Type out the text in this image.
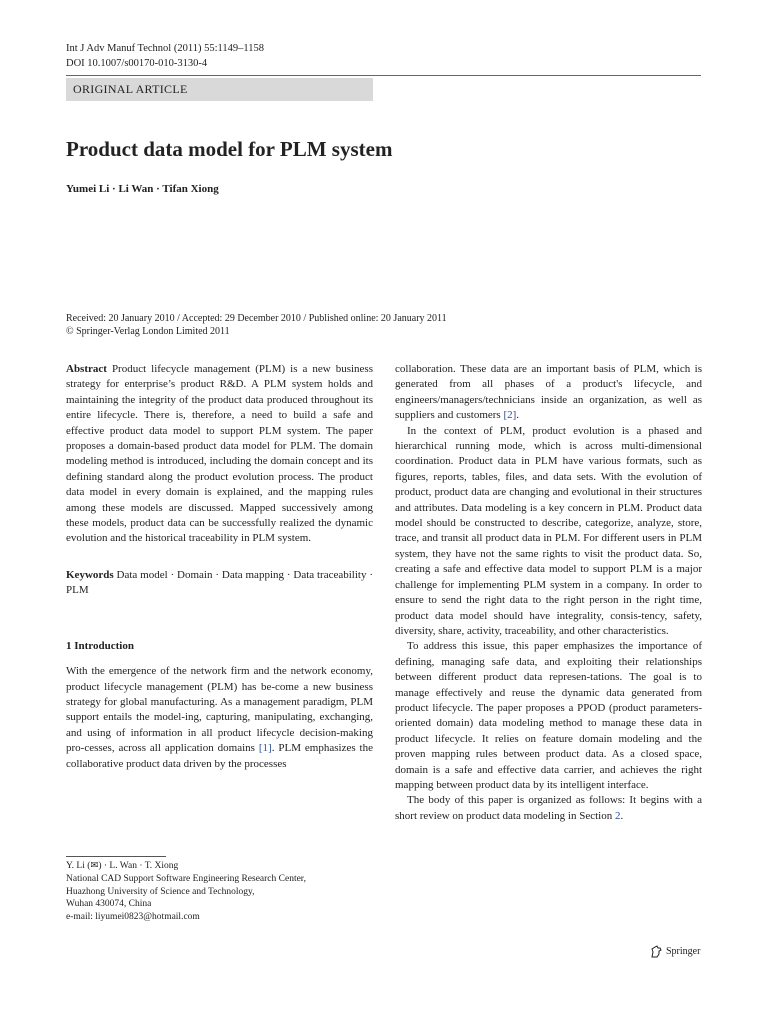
Int J Adv Manuf Technol (2011) 55:1149–1158
DOI 10.1007/s00170-010-3130-4
ORIGINAL ARTICLE
Product data model for PLM system
Yumei Li · Li Wan · Tifan Xiong
Received: 20 January 2010 / Accepted: 29 December 2010 / Published online: 20 January 2011
© Springer-Verlag London Limited 2011

Abstract Product lifecycle management (PLM) is a new business strategy for enterprise’s product R&D. A PLM system holds and maintaining the integrity of the product data produced throughout its entire lifecycle. There is, therefore, a need to build a safe and effective product data model to support PLM system. The paper proposes a domain-based product data model for PLM. The domain modeling method is introduced, including the domain concept and its defining standard along the product evolution process. The product data model in every domain is explained, and the mapping rules among these models are discussed. Mapped successively among these models, product data can be successfully realized the dynamic evolution and the historical traceability in PLM system.

Keywords Data model · Domain · Data mapping · Data traceability · PLM

1 Introduction

With the emergence of the network firm and the network economy, product lifecycle management (PLM) has be-come a new business strategy for global manufacturing. As a management paradigm, PLM support entails the model-ing, capturing, manipulating, exchanging, and using of information in all product lifecycle decision-making pro-cesses, across all application domains [1]. PLM emphasizes the collaborative product data driven by the processes

collaboration. These data are an important basis of PLM, which is generated from all phases of a product's lifecycle, and engineers/managers/technicians inside an organization, as well as suppliers and customers [2].

In the context of PLM, product evolution is a phased and hierarchical running mode, which is across multi-dimensional coordination. Product data in PLM have various formats, such as figures, reports, tables, files, and data sets. With the evolution of product, product data are changing and evolutional in their structures and attributes. Data modeling is a key concern in PLM. Product data model should be constructed to describe, categorize, analyze, store, trace, and transit all product data in PLM. For different users in PLM system, they have not the same rights to visit the product data. So, creating a safe and effective data model to support PLM is a major challenge for implementing PLM system in a company. In order to ensure to send the right data to the right person in the right time, product data model should have integrality, consis-tency, safety, diversity, share, activity, traceability, and other characteristics.

To address this issue, this paper emphasizes the importance of defining, managing safe data, and exploiting their relationships between different product data represen-tations. The goal is to manage effectively and reuse the dynamic data generated from product lifecycle. The paper proposes a PPOD (product parameters-oriented domain) data modeling method to manage these data in product lifecycle. It relies on feature domain modeling and the proven mapping rules between product data. As a closed space, domain is a safe and effective data carrier, and achieves the right mapping between product data by its intelligent interface.

The body of this paper is organized as follows: It begins with a short review on product data modeling in Section 2.

Y. Li (✉) · L. Wan · T. Xiong
National CAD Support Software Engineering Research Center,
Huazhong University of Science and Technology,
Wuhan 430074, China
e-mail: liyumei0823@hotmail.com
Springer
